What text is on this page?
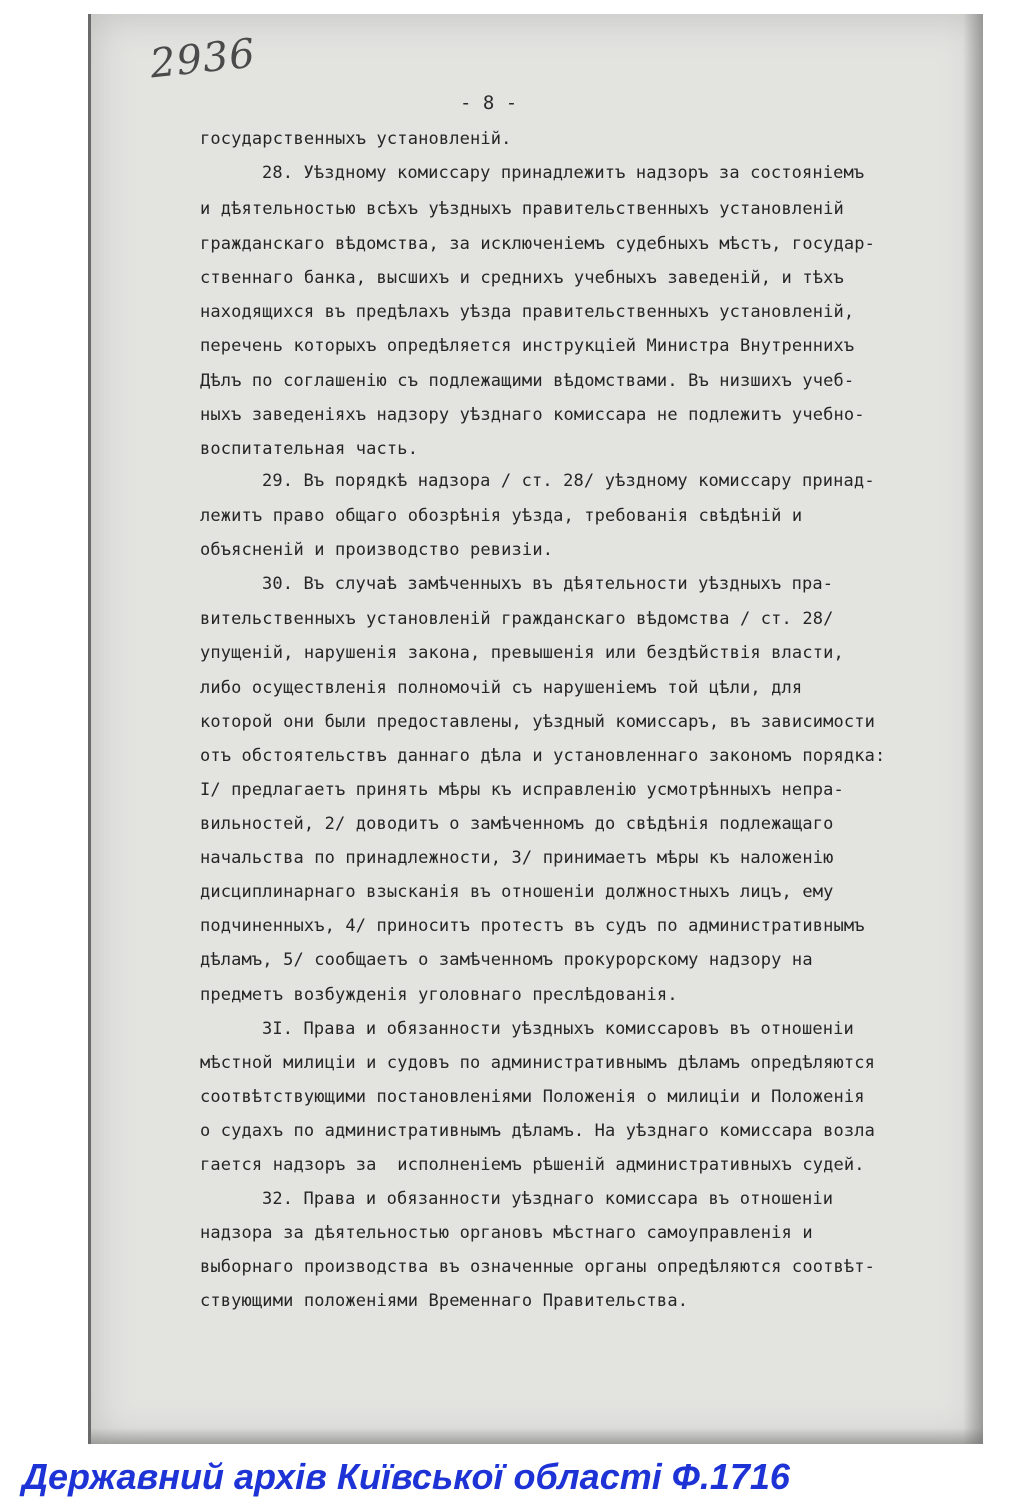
2936
- 8 -
государственныхъ установленій.
28. Уѣздному комиссару принадлежитъ надзоръ за состояніемъ
и дѣятельностью всѣхъ уѣздныхъ правительственныхъ установленій
гражданскаго вѣдомства, за исключеніемъ судебныхъ мѣстъ, государ-
ственнаго банка, высшихъ и среднихъ учебныхъ заведеній, и тѣхъ
находящихся въ предѣлахъ уѣзда правительственныхъ установленій,
перечень которыхъ опредѣляется инструкціей Министра Внутреннихъ
Дѣлъ по соглашенію съ подлежащими вѣдомствами. Въ низшихъ учеб-
ныхъ заведеніяхъ надзору уѣзднаго комиссара не подлежитъ учебно-
воспитательная часть.
29. Въ порядкѣ надзора / ст. 28/ уѣздному комиссару принад-
лежитъ право общаго обозрѣнія уѣзда, требованія свѣдѣній и
объясненій и производство ревизіи.
30. Въ случаѣ замѣченныхъ въ дѣятельности уѣздныхъ пра-
вительственныхъ установленій гражданскаго вѣдомства / ст. 28/
упущеній, нарушенія закона, превышенія или бездѣйствія власти,
либо осуществленія полномочій съ нарушеніемъ той цѣли, для
которой они были предоставлены, уѣздный комиссаръ, въ зависимости
отъ обстоятельствъ даннаго дѣла и установленнаго закономъ порядка:
I/ предлагаетъ принять мѣры къ исправленію усмотрѣнныхъ непра-
вильностей, 2/ доводитъ о замѣченномъ до свѣдѣнія подлежащаго
начальства по принадлежности, 3/ принимаетъ мѣры къ наложенію
дисциплинарнаго взысканія въ отношеніи должностныхъ лицъ, ему
подчиненныхъ, 4/ приноситъ протестъ въ судъ по административнымъ
дѣламъ, 5/ сообщаетъ о замѣченномъ прокурорскому надзору на
предметъ возбужденія уголовнаго преслѣдованія.
3I. Права и обязанности уѣздныхъ комиссаровъ въ отношеніи
мѣстной милиціи и судовъ по административнымъ дѣламъ опредѣляются
соотвѣтствующими постановленіями Положенія о милиціи и Положенія
о судахъ по административнымъ дѣламъ. На уѣзднаго комиссара возла
гается надзоръ за  исполненіемъ рѣшеній административныхъ судей.
32. Права и обязанности уѣзднаго комиссара въ отношеніи
надзора за дѣятельностью органовъ мѣстнаго самоуправленія и
выборнаго производства въ означенные органы опредѣляются соотвѣт-
ствующими положеніями Временнаго Правительства.
Державний архів Київської області Ф.1716
